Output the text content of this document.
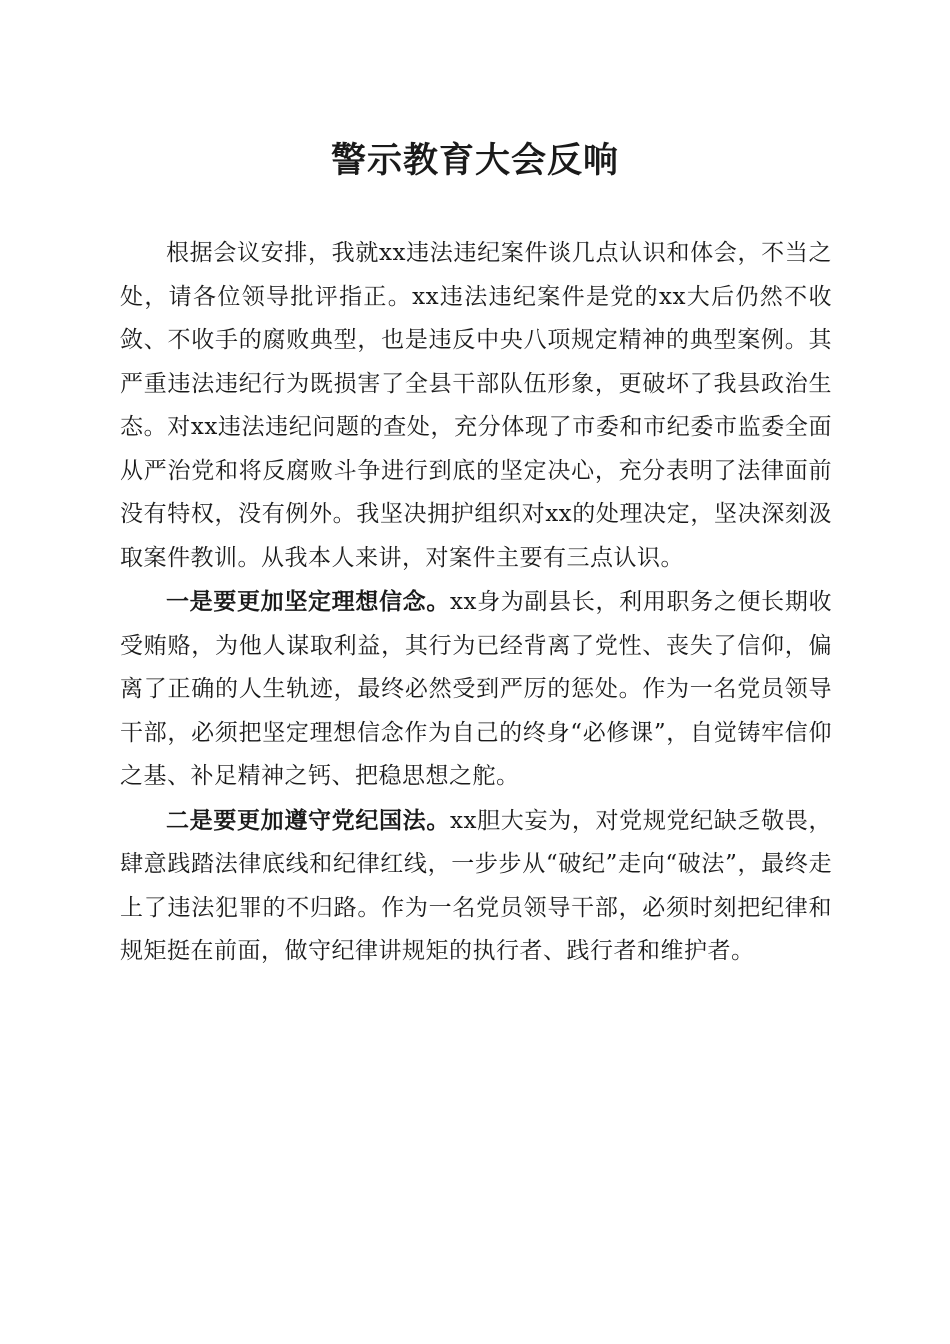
警示教育大会反响

根据会议安排，我就xx违法违纪案件谈几点认识和体会，不当之处，请各位领导批评指正。xx违法违纪案件是党的xx大后仍然不收敛、不收手的腐败典型，也是违反中央八项规定精神的典型案例。其严重违法违纪行为既损害了全县干部队伍形象，更破坏了我县政治生态。对xx违法违纪问题的查处，充分体现了市委和市纪委市监委全面从严治党和将反腐败斗争进行到底的坚定决心，充分表明了法律面前没有特权，没有例外。我坚决拥护组织对xx的处理决定，坚决深刻汲取案件教训。从我本人来讲，对案件主要有三点认识。

一是要更加坚定理想信念。xx身为副县长，利用职务之便长期收受贿赂，为他人谋取利益，其行为已经背离了党性、丧失了信仰，偏离了正确的人生轨迹，最终必然受到严厉的惩处。作为一名党员领导干部，必须把坚定理想信念作为自己的终身“必修课”，自觉铸牢信仰之基、补足精神之钙、把稳思想之舵。

二是要更加遵守党纪国法。xx胆大妄为，对党规党纪缺乏敬畏，肆意践踏法律底线和纪律红线，一步步从“破纪”走向“破法”，最终走上了违法犯罪的不归路。作为一名党员领导干部，必须时刻把纪律和规矩挺在前面，做守纪律讲规矩的执行者、践行者和维护者。
